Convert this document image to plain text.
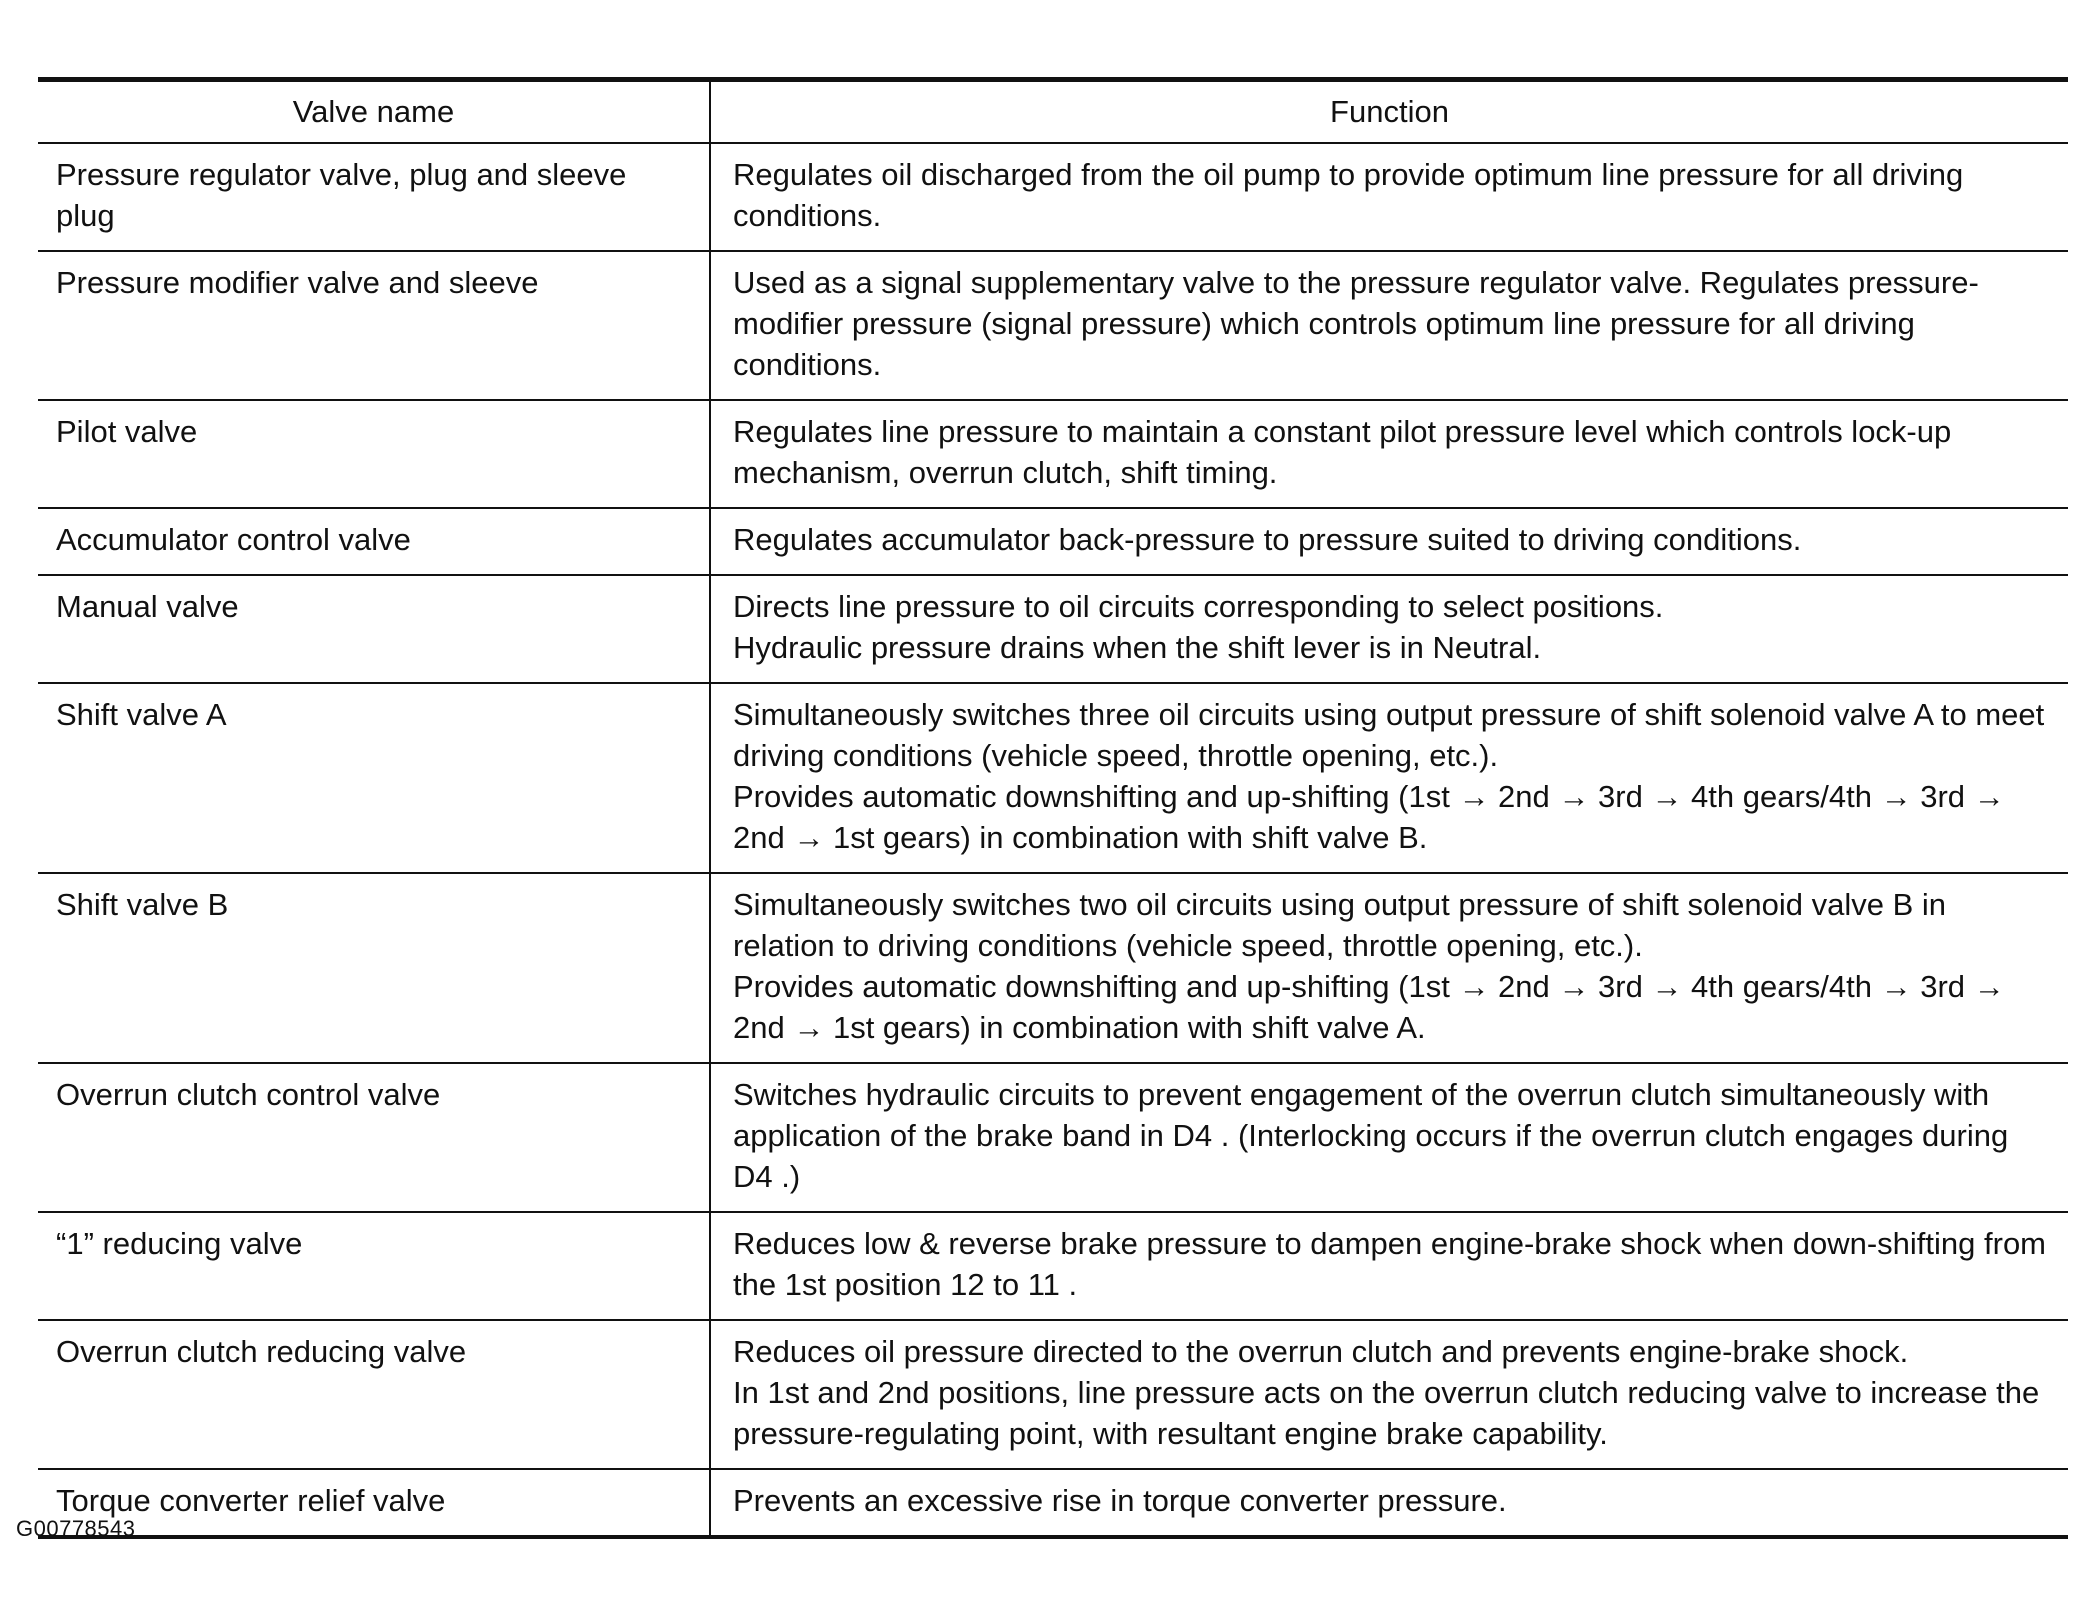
Valve name	Function
Pressure regulator valve, plug and sleeve plug	Regulates oil discharged from the oil pump to provide optimum line pressure for all driving conditions.

Pressure modifier valve and sleeve	Used as a signal supplementary valve to the pressure regulator valve. Regulates pressure-modifier pressure (signal pressure) which controls optimum line pressure for all driving conditions.

Pilot valve	Regulates line pressure to maintain a constant pilot pressure level which controls lock-up mechanism, overrun clutch, shift timing.

Accumulator control valve	Regulates accumulator back-pressure to pressure suited to driving conditions.

Manual valve	Directs line pressure to oil circuits corresponding to select positions.
Hydraulic pressure drains when the shift lever is in Neutral.

Shift valve A	Simultaneously switches three oil circuits using output pressure of shift solenoid valve A to meet driving conditions (vehicle speed, throttle opening, etc.).
Provides automatic downshifting and up-shifting (1st → 2nd → 3rd → 4th gears/4th → 3rd → 2nd → 1st gears) in combination with shift valve B.

Shift valve B	Simultaneously switches two oil circuits using output pressure of shift solenoid valve B in relation to driving conditions (vehicle speed, throttle opening, etc.).
Provides automatic downshifting and up-shifting (1st → 2nd → 3rd → 4th gears/4th → 3rd → 2nd → 1st gears) in combination with shift valve A.

Overrun clutch control valve	Switches hydraulic circuits to prevent engagement of the overrun clutch simultaneously with application of the brake band in D4 . (Interlocking occurs if the overrun clutch engages during D4 .)

“1” reducing valve	Reduces low & reverse brake pressure to dampen engine-brake shock when down-shifting from the 1st position 12 to 11 .

Overrun clutch reducing valve	Reduces oil pressure directed to the overrun clutch and prevents engine-brake shock.
In 1st and 2nd positions, line pressure acts on the overrun clutch reducing valve to increase the pressure-regulating point, with resultant engine brake capability.

Torque converter relief valve	Prevents an excessive rise in torque converter pressure.
G00778543
